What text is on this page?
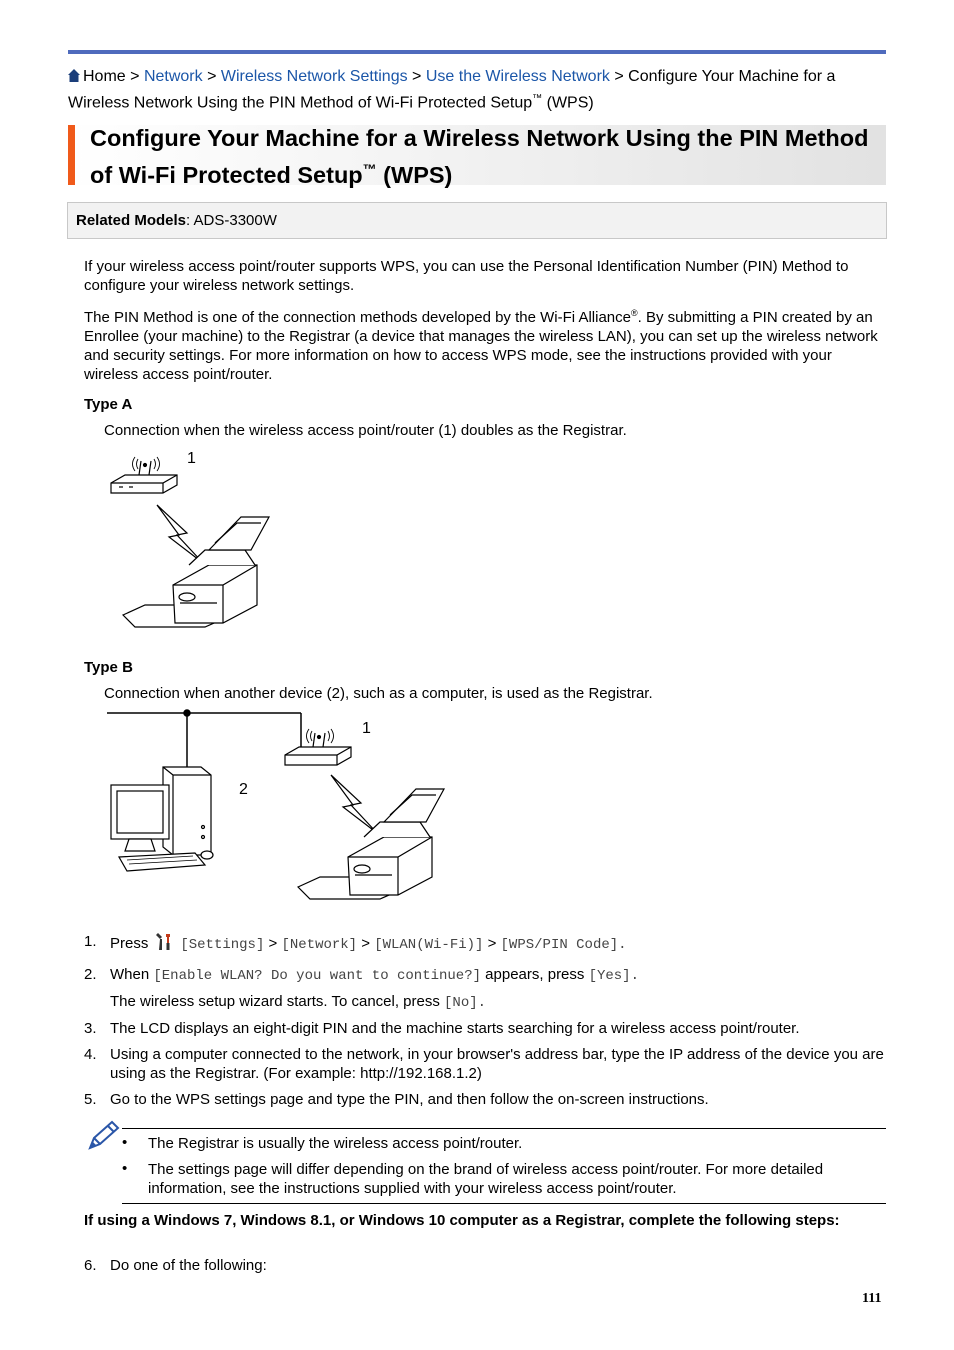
Home > Network > Wireless Network Settings > Use the Wireless Network > Configure Your Machine for a
Wireless Network Using the PIN Method of Wi-Fi Protected Setup™ (WPS)
Configure Your Machine for a Wireless Network Using the PIN Method
of Wi-Fi Protected Setup™ (WPS)
Related Models: ADS-3300W

If your wireless access point/router supports WPS, you can use the Personal Identification Number (PIN) Method to configure your wireless network settings.

The PIN Method is one of the connection methods developed by the Wi-Fi Alliance®. By submitting a PIN created by an Enrollee (your machine) to the Registrar (a device that manages the wireless LAN), you can set up the wireless network and security settings. For more information on how to access WPS mode, see the instructions provided with your wireless access point/router.

Type A
Connection when the wireless access point/router (1) doubles as the Registrar.
1
Type B
Connection when another device (2), such as a computer, is used as the Registrar.
1
2
1. Press [Settings] > [Network] > [WLAN(Wi-Fi)] > [WPS/PIN Code].
2. When [Enable WLAN? Do you want to continue?] appears, press [Yes].
The wireless setup wizard starts. To cancel, press [No].
3. The LCD displays an eight-digit PIN and the machine starts searching for a wireless access point/router.
4. Using a computer connected to the network, in your browser's address bar, type the IP address of the device you are using as the Registrar. (For example: http://192.168.1.2)
5. Go to the WPS settings page and type the PIN, and then follow the on-screen instructions.
• The Registrar is usually the wireless access point/router.
• The settings page will differ depending on the brand of wireless access point/router. For more detailed information, see the instructions supplied with your wireless access point/router.
If using a Windows 7, Windows 8.1, or Windows 10 computer as a Registrar, complete the following steps:
6. Do one of the following:
111
